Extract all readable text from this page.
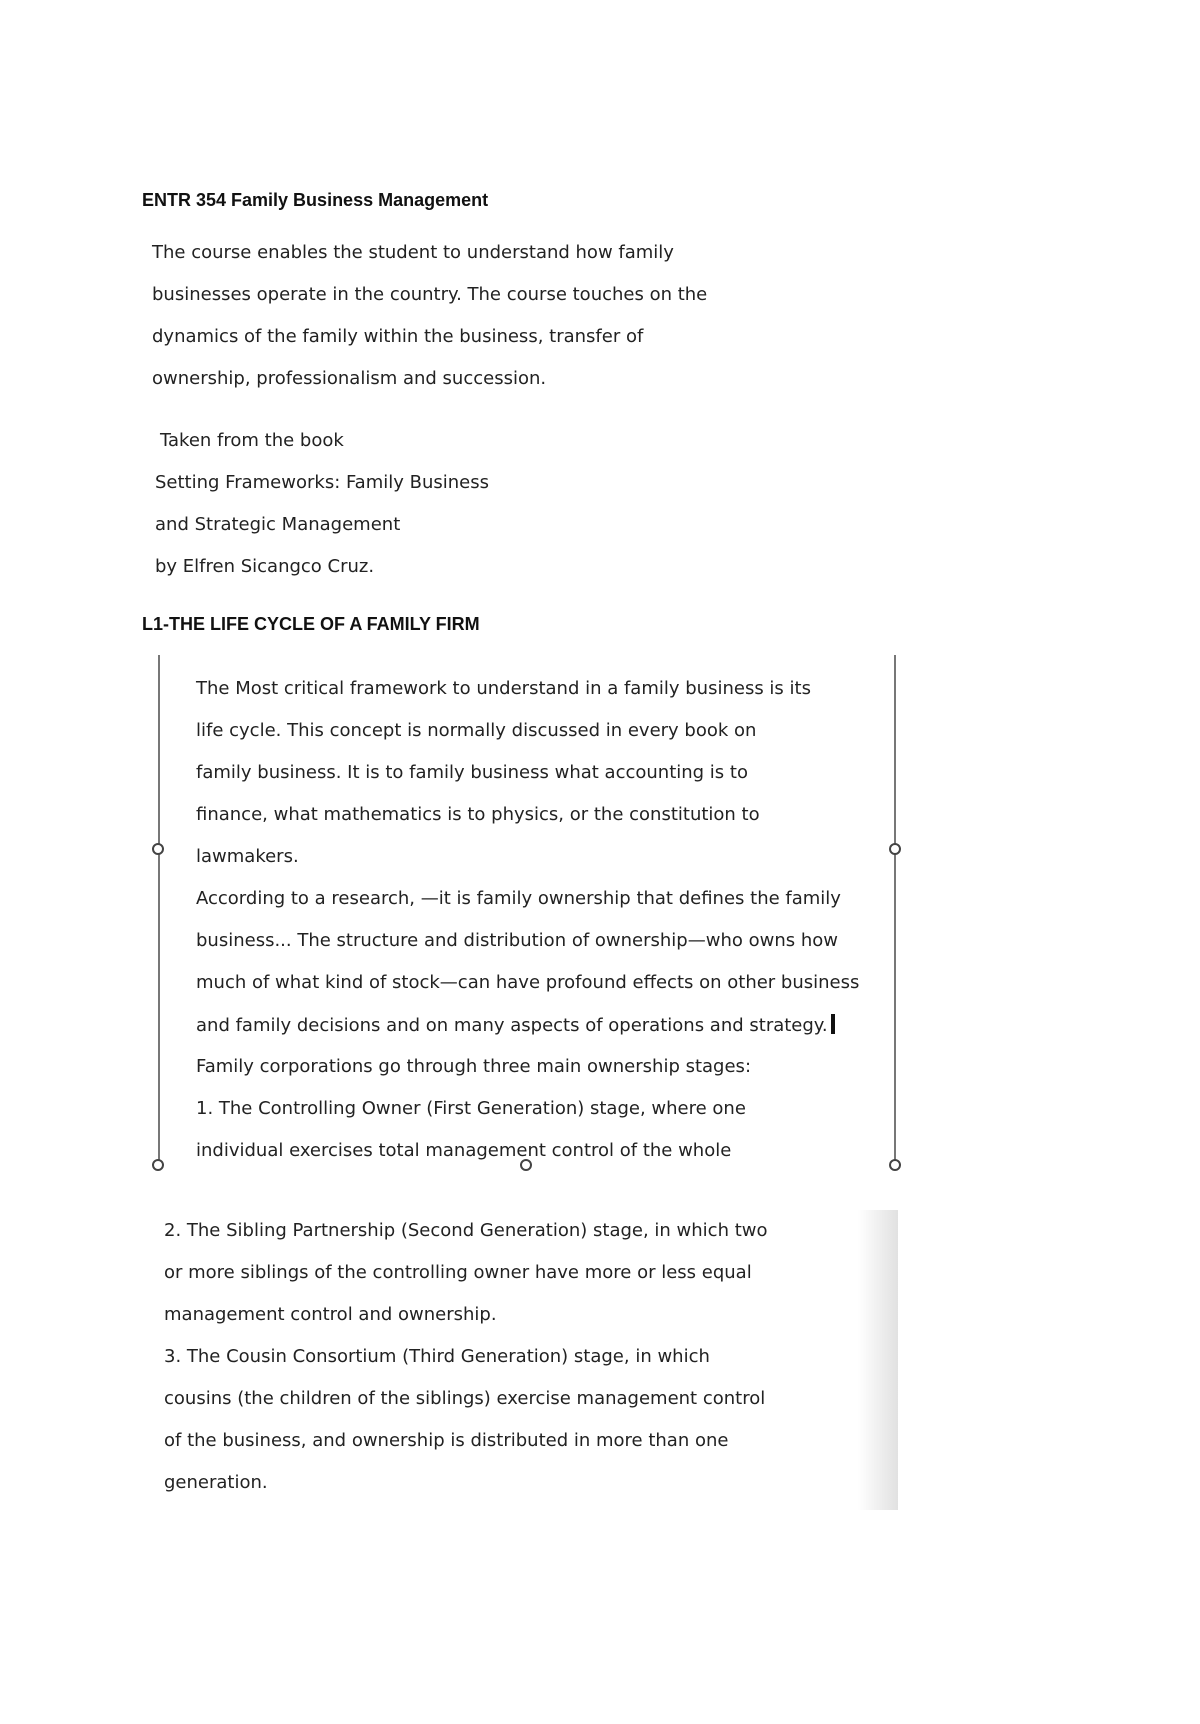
ENTR 354 Family Business Management
The course enables the student to understand how family
businesses operate in the country. The course touches on the
dynamics of the family within the business, transfer of
ownership, professionalism and succession.
Taken from the book
Setting Frameworks: Family Business
and Strategic Management
by Elfren Sicangco Cruz.
L1-THE LIFE CYCLE OF A FAMILY FIRM
The Most critical framework to understand in a family business is its
life cycle. This concept is normally discussed in every book on
family business. It is to family business what accounting is to
finance, what mathematics is to physics, or the constitution to
lawmakers.
According to a research, —it is family ownership that defines the family
business... The structure and distribution of ownership—who owns how
much of what kind of stock—can have profound effects on other business
and family decisions and on many aspects of operations and strategy.
Family corporations go through three main ownership stages:
1. The Controlling Owner (First Generation) stage, where one
individual exercises total management control of the whole
2. The Sibling Partnership (Second Generation) stage, in which two
or more siblings of the controlling owner have more or less equal
management control and ownership.
3. The Cousin Consortium (Third Generation) stage, in which
cousins (the children of the siblings) exercise management control
of the business, and ownership is distributed in more than one
generation.
